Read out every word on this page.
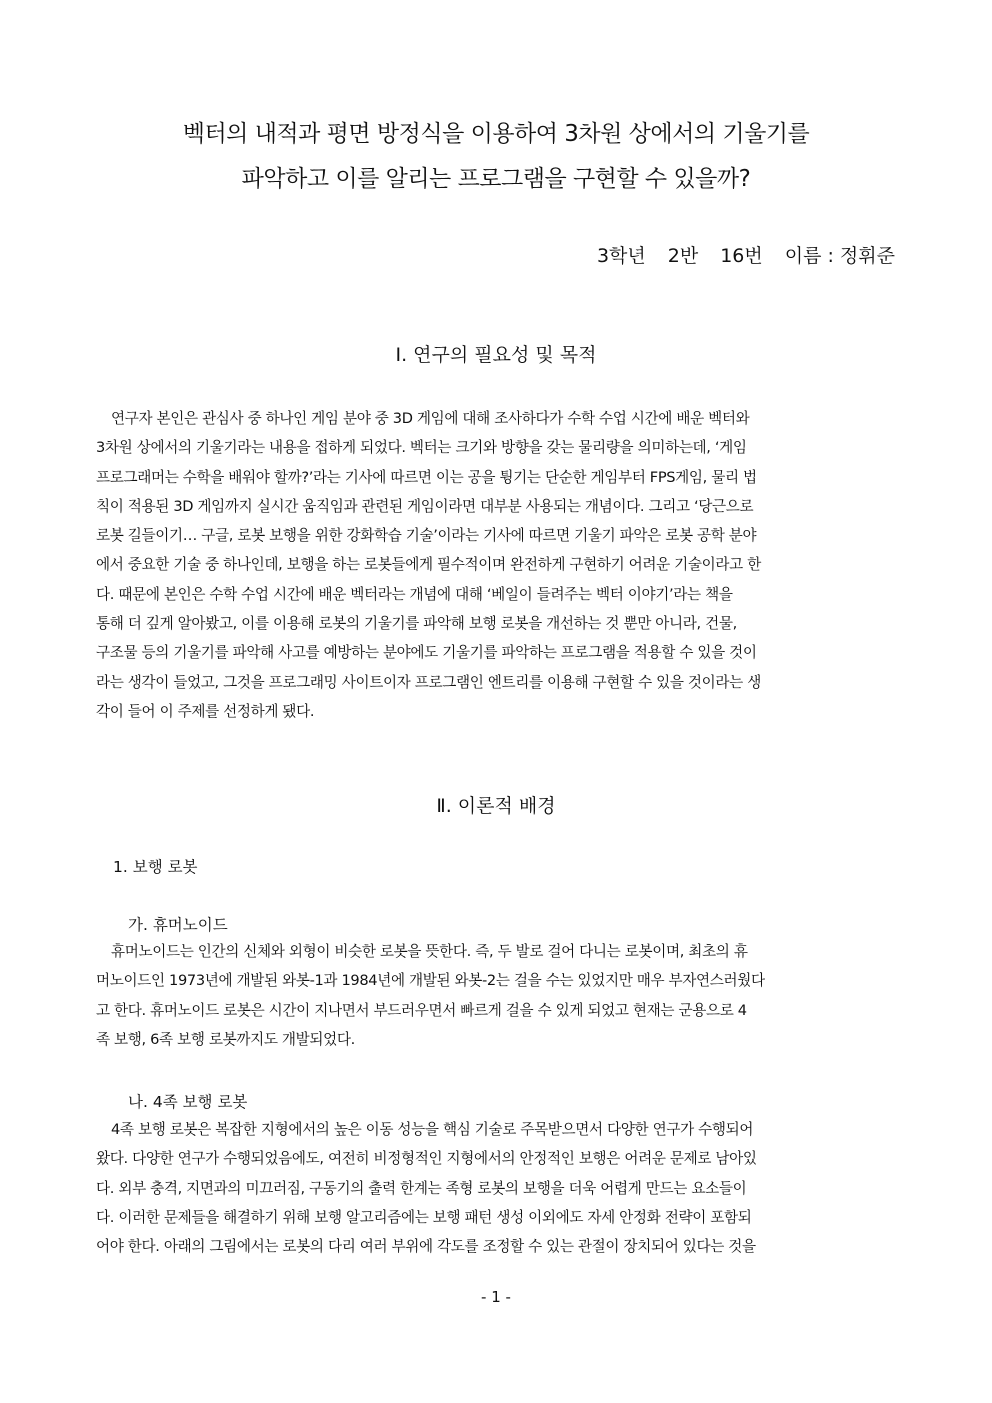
벡터의 내적과 평면 방정식을 이용하여 3차원 상에서의 기울기를
파악하고 이를 알리는 프로그램을 구현할 수 있을까?
3학년 2반 16번 이름 : 정휘준
Ⅰ. 연구의 필요성 및 목적
연구자 본인은 관심사 중 하나인 게임 분야 중 3D 게임에 대해 조사하다가 수학 수업 시간에 배운 벡터와
3차원 상에서의 기울기라는 내용을 접하게 되었다. 벡터는 크기와 방향을 갖는 물리량을 의미하는데, ‘게임
프로그래머는 수학을 배워야 할까?’라는 기사에 따르면 이는 공을 튕기는 단순한 게임부터 FPS게임, 물리 법
칙이 적용된 3D 게임까지 실시간 움직임과 관련된 게임이라면 대부분 사용되는 개념이다. 그리고 ‘당근으로
로봇 길들이기… 구글, 로봇 보행을 위한 강화학습 기술’이라는 기사에 따르면 기울기 파악은 로봇 공학 분야
에서 중요한 기술 중 하나인데, 보행을 하는 로봇들에게 필수적이며 완전하게 구현하기 어려운 기술이라고 한
다. 때문에 본인은 수학 수업 시간에 배운 벡터라는 개념에 대해 ‘베일이 들려주는 벡터 이야기’라는 책을
통해 더 깊게 알아봤고, 이를 이용해 로봇의 기울기를 파악해 보행 로봇을 개선하는 것 뿐만 아니라, 건물,
구조물 등의 기울기를 파악해 사고를 예방하는 분야에도 기울기를 파악하는 프로그램을 적용할 수 있을 것이
라는 생각이 들었고, 그것을 프로그래밍 사이트이자 프로그램인 엔트리를 이용해 구현할 수 있을 것이라는 생
각이 들어 이 주제를 선정하게 됐다.
Ⅱ. 이론적 배경
1. 보행 로봇
가. 휴머노이드
휴머노이드는 인간의 신체와 외형이 비슷한 로봇을 뜻한다. 즉, 두 발로 걸어 다니는 로봇이며, 최초의 휴
머노이드인 1973년에 개발된 와봇-1과 1984년에 개발된 와봇-2는 걸을 수는 있었지만 매우 부자연스러웠다
고 한다. 휴머노이드 로봇은 시간이 지나면서 부드러우면서 빠르게 걸을 수 있게 되었고 현재는 군용으로 4
족 보행, 6족 보행 로봇까지도 개발되었다.
나. 4족 보행 로봇
4족 보행 로봇은 복잡한 지형에서의 높은 이동 성능을 핵심 기술로 주목받으면서 다양한 연구가 수행되어
왔다. 다양한 연구가 수행되었음에도, 여전히 비정형적인 지형에서의 안정적인 보행은 어려운 문제로 남아있
다. 외부 충격, 지면과의 미끄러짐, 구동기의 출력 한계는 족형 로봇의 보행을 더욱 어렵게 만드는 요소들이
다. 이러한 문제들을 해결하기 위해 보행 알고리즘에는 보행 패턴 생성 이외에도 자세 안정화 전략이 포함되
어야 한다. 아래의 그림에서는 로봇의 다리 여러 부위에 각도를 조정할 수 있는 관절이 장치되어 있다는 것을
- 1 -
